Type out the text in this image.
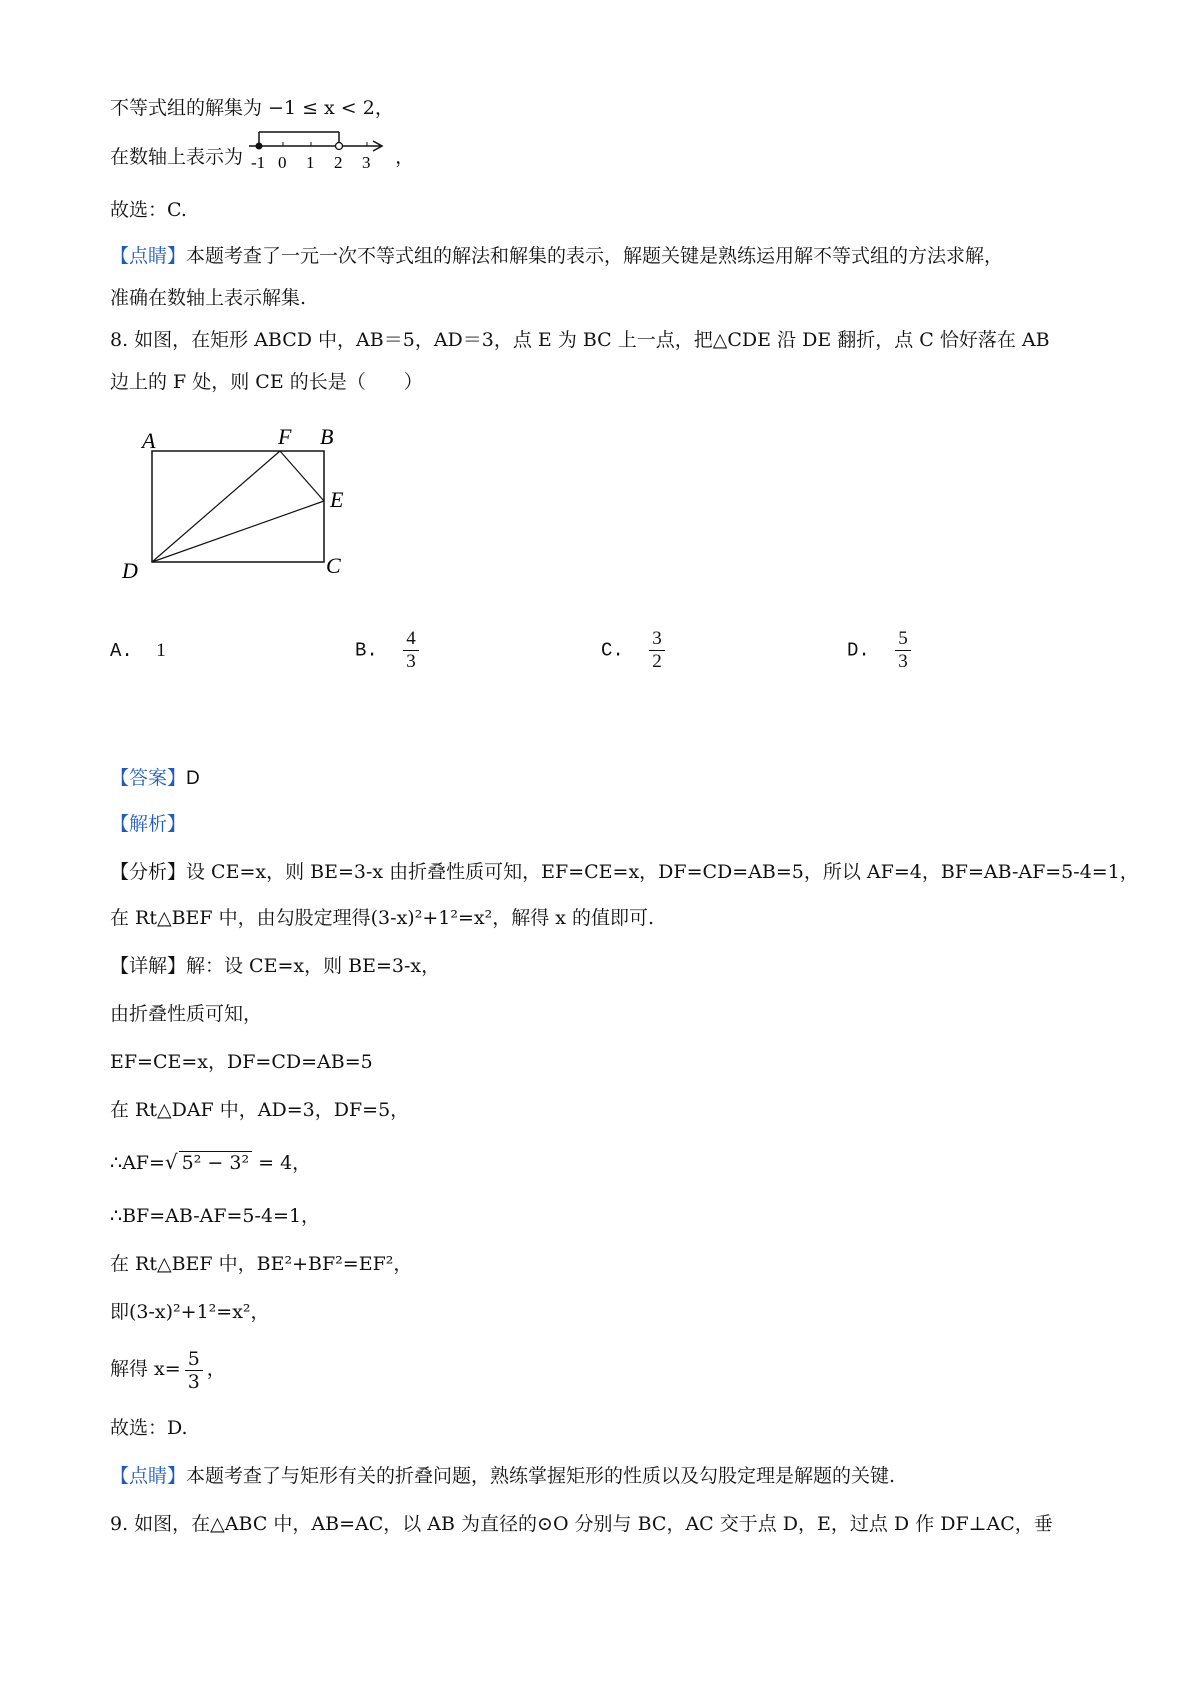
不等式组的解集为 −1 ≤ x < 2，
在数轴上表示为 -1 0 1 2 3 ，
故选：C.
【点睛】本题考查了一元一次不等式组的解法和解集的表示，解题关键是熟练运用解不等式组的方法求解，
准确在数轴上表示解集.
8. 如图，在矩形 ABCD 中，AB＝5，AD＝3，点 E 为 BC 上一点，把△CDE 沿 DE 翻折，点 C 恰好落在 AB
边上的 F 处，则 CE 的长是（　　）
A	F B
E
D	C
A. 1	B. $\frac{4}{3}$	C. $\frac{3}{2}$	D. $\frac{5}{3}$
【答案】D
【解析】
【分析】设 CE=x，则 BE=3-x 由折叠性质可知，EF=CE=x，DF=CD=AB=5，所以 AF=4，BF=AB-AF=5-4=1，
在 Rt△BEF 中，由勾股定理得(3-x)²+1²=x²，解得 x 的值即可.
【详解】解：设 CE=x，则 BE=3-x，
由折叠性质可知，
EF=CE=x，DF=CD=AB=5
在 Rt△DAF 中，AD=3，DF=5，
∴AF=√ 5² − 3² = 4，
∴BF=AB-AF=5-4=1，
在 Rt△BEF 中，BE²+BF²=EF²，
即(3-x)²+1²=x²，
解得 $x= \frac{5}{3}$ ，
故选：D.
【点睛】本题考查了与矩形有关的折叠问题，熟练掌握矩形的性质以及勾股定理是解题的关键.
9. 如图，在△ABC 中，AB=AC，以 AB 为直径的⊙O 分别与 BC，AC 交于点 D，E，过点 D 作 DF⊥AC，垂
